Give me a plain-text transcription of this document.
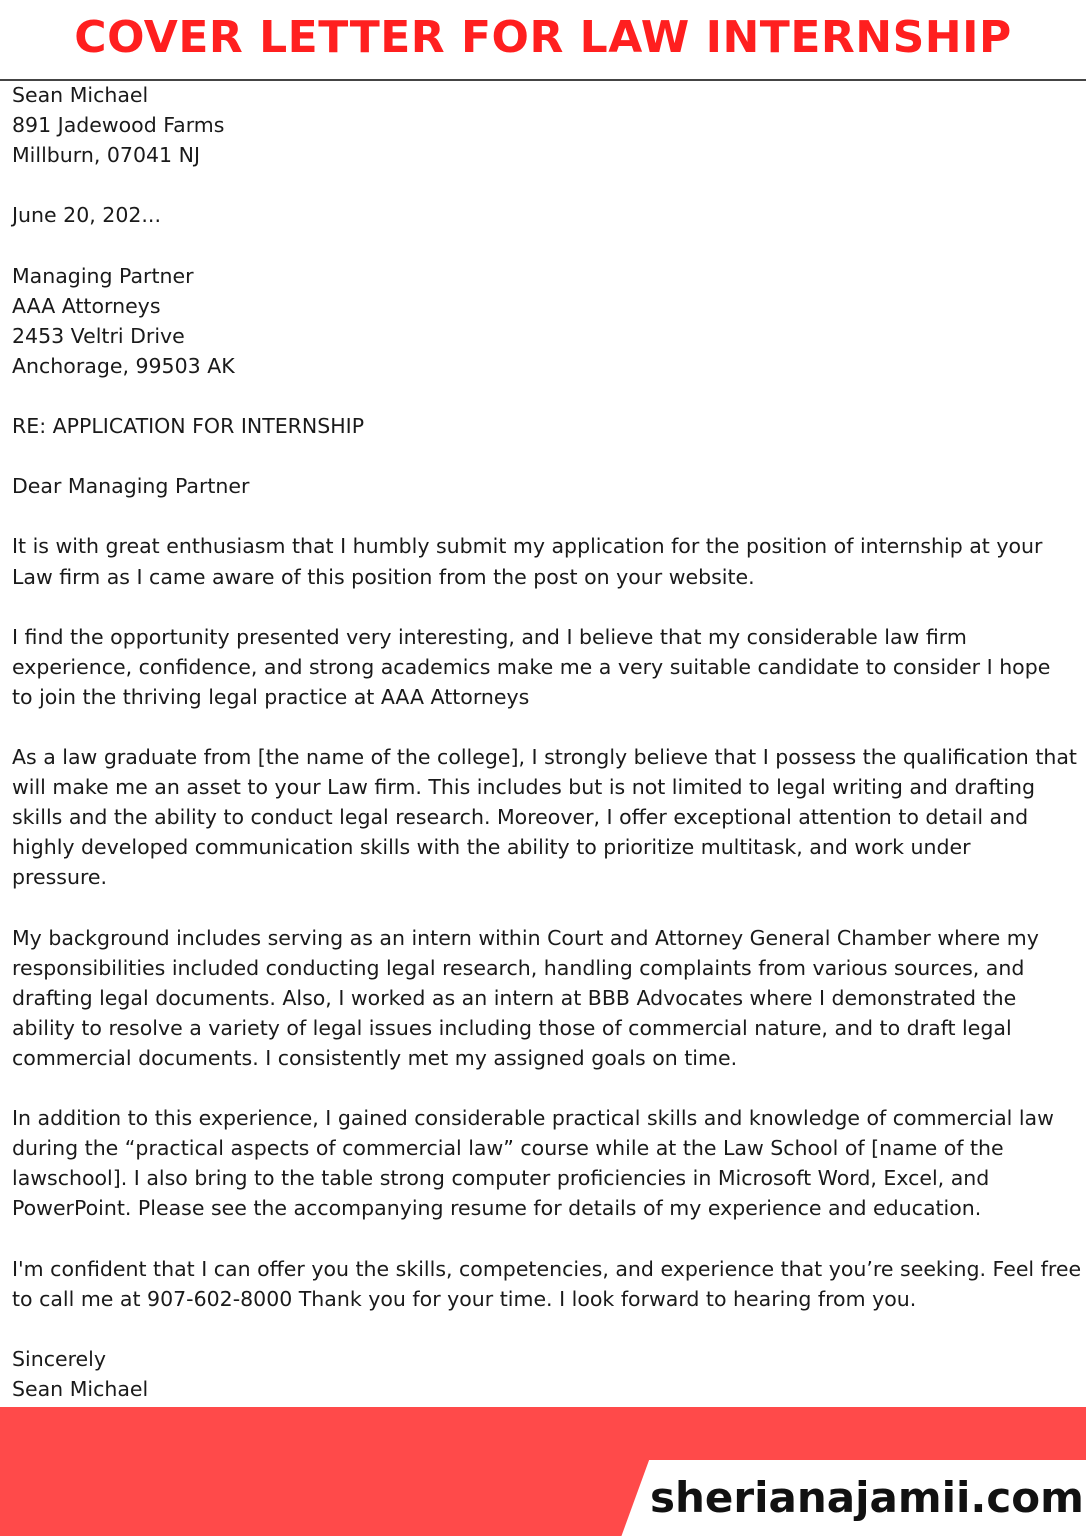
COVER LETTER FOR LAW INTERNSHIP
Sean Michael
891 Jadewood Farms
Millburn, 07041 NJ
June 20, 202...
Managing Partner
AAA Attorneys
2453 Veltri Drive
Anchorage, 99503 AK
RE: APPLICATION FOR INTERNSHIP
Dear Managing Partner
It is with great enthusiasm that I humbly submit my application for the position of internship at your
Law firm as I came aware of this position from the post on your website.
I find the opportunity presented very interesting, and I believe that my considerable law firm
experience, confidence, and strong academics make me a very suitable candidate to consider I hope
to join the thriving legal practice at AAA Attorneys
As a law graduate from [the name of the college], I strongly believe that I possess the qualification that
will make me an asset to your Law firm. This includes but is not limited to legal writing and drafting
skills and the ability to conduct legal research. Moreover, I offer exceptional attention to detail and
highly developed communication skills with the ability to prioritize multitask, and work under
pressure.
My background includes serving as an intern within Court and Attorney General Chamber where my
responsibilities included conducting legal research, handling complaints from various sources, and
drafting legal documents. Also, I worked as an intern at BBB Advocates where I demonstrated the
ability to resolve a variety of legal issues including those of commercial nature, and to draft legal
commercial documents. I consistently met my assigned goals on time.
In addition to this experience, I gained considerable practical skills and knowledge of commercial law
during the “practical aspects of commercial law” course while at the Law School of [name of the
lawschool]. I also bring to the table strong computer proficiencies in Microsoft Word, Excel, and
PowerPoint. Please see the accompanying resume for details of my experience and education.
I'm confident that I can offer you the skills, competencies, and experience that you’re seeking. Feel free
to call me at 907-602-8000 Thank you for your time. I look forward to hearing from you.
Sincerely
Sean Michael
sherianajamii.com
